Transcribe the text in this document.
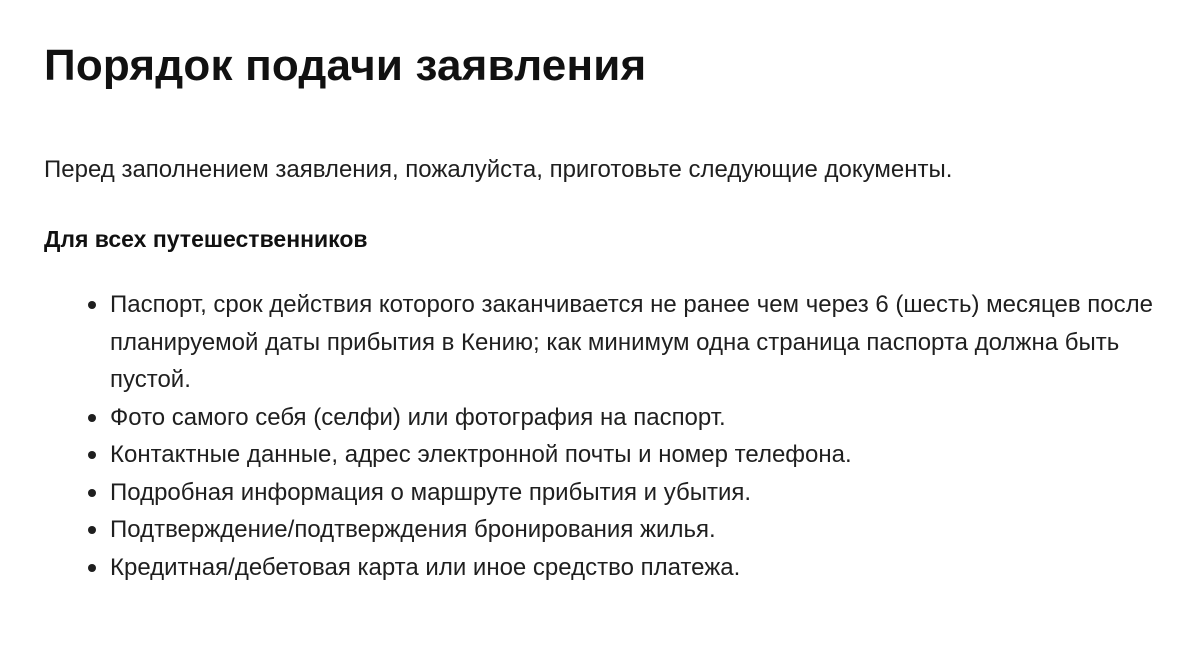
Порядок подачи заявления

Перед заполнением заявления, пожалуйста, приготовьте следующие документы.

Для всех путешественников
Паспорт, срок действия которого заканчивается не ранее чем через 6 (шесть) месяцев после планируемой даты прибытия в Кению; как минимум одна страница паспорта должна быть пустой.
Фото самого себя (селфи) или фотография на паспорт.
Контактные данные, адрес электронной почты и номер телефона.
Подробная информация о маршруте прибытия и убытия.
Подтверждение/подтверждения бронирования жилья.
Кредитная/дебетовая карта или иное средство платежа.
